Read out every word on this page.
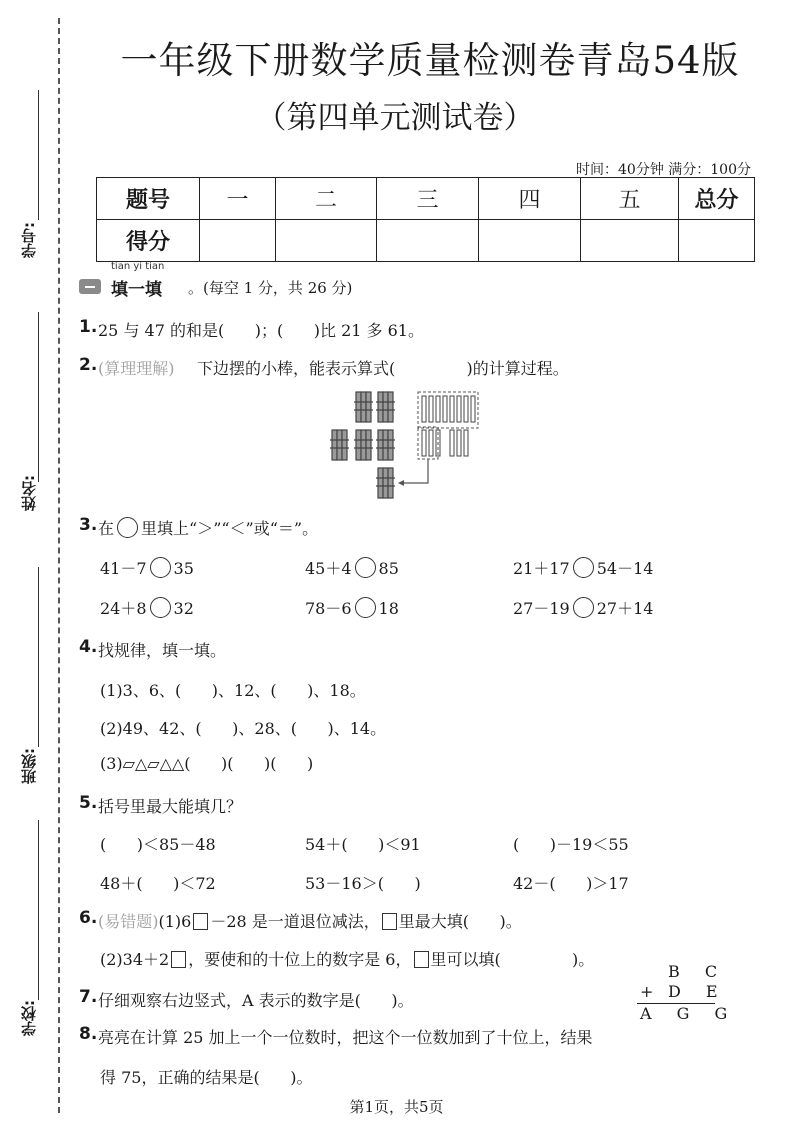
学号:
姓名:
班级:
学校:
一年级下册数学质量检测卷青岛54版
（第四单元测试卷）
时间：40分钟 满分：100分
题号	一	二	三	四	五	总分
得分						
tian yi tian
填一填 。(每空 1 分，共 26 分)
1. 25 与 47 的和是(      )；(      )比 21 多 61。
2. (算理理解) 下边摆的小棒，能表示算式(              )的计算过程。
3. 在 里填上“＞”“＜”或“＝”。
41－7 35	45＋4 85	21＋17 54－14
24＋8 32	78－6 18	27－19 27＋14
4. 找规律，填一填。
(1)3、6、(      )、12、(      )、18。
(2)49、42、(      )、28、(      )、14。
(3)▱△▱△△(      )(      )(      )
5. 括号里最大能填几？
(      )＜85－48	54＋(      )＜91	(      )－19＜55
48＋(      )＜72	53－16＞(      )	42－(      )＞17
6. (易错题)(1)6 －28 是一道退位减法， 里最大填(      )。
(2)34＋2 ，要使和的十位上的数字是 6， 里可以填(              )。
7. 仔细观察右边竖式，A 表示的数字是(      )。
B C
+ D E
A G G
8. 亮亮在计算 25 加上一个一位数时，把这个一位数加到了十位上，结果
得 75，正确的结果是(      )。
第1页，共5页
